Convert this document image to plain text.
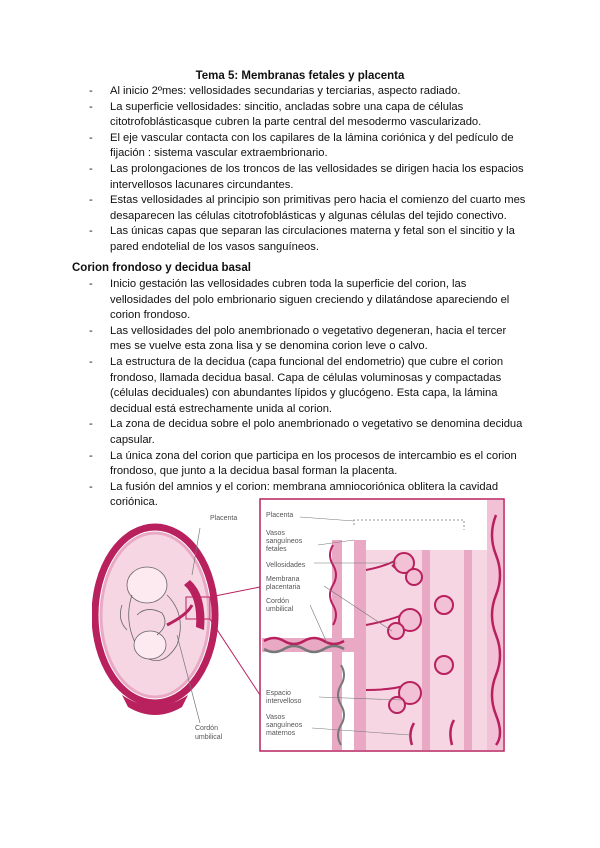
Tema 5: Membranas fetales y placenta
- Al inicio 2ºmes: vellosidades secundarias y terciarias, aspecto radiado.
- La superficie vellosidades: sincitio, ancladas sobre una capa de células citotrofoblásticasque cubren la parte central del mesodermo vascularizado.
- El eje vascular contacta con los capilares de la lámina coriónica y del pedículo de fijación : sistema vascular extraembrionario.
- Las prolongaciones de los troncos de las vellosidades se dirigen hacia los espacios intervellosos lacunares circundantes.
- Estas vellosidades al principio son primitivas pero hacia el comienzo del cuarto mes desaparecen las células citotrofoblásticas y algunas células del tejido conectivo.
- Las únicas capas que separan las circulaciones materna y fetal son el sincitio y la pared endotelial de los vasos sanguíneos.
Corion frondoso y decidua basal
- Inicio gestación las vellosidades cubren toda la superficie del corion, las vellosidades del polo embrionario siguen creciendo y dilatándose apareciendo el corion frondoso.
- Las vellosidades del polo anembrionado o vegetativo degeneran, hacia el tercer mes se vuelve esta zona lisa y se denomina corion leve o calvo.
- La estructura de la decidua (capa funcional del endometrio) que cubre el corion frondoso, llamada decidua basal. Capa de células voluminosas y compactadas (células deciduales) con abundantes lípidos y glucógeno. Esta capa, la lámina decidual está estrechamente unida al corion.
- La zona de decidua sobre el polo anembrionado o vegetativo se denomina decidua capsular.
- La única zona del corion que participa en los procesos de intercambio es el corion frondoso, que junto a la decidua basal forman la placenta.
- La fusión del amnios y el corion: membrana amniocoriónica oblitera la cavidad coriónica.
Placenta
Cordón
umbilical
Placenta
Vasos
sanguíneos
fetales
Vellosidades
Membrana
placentaria
Cordón
umbilical
Espacio
intervelloso
Vasos
sanguíneos
maternos
